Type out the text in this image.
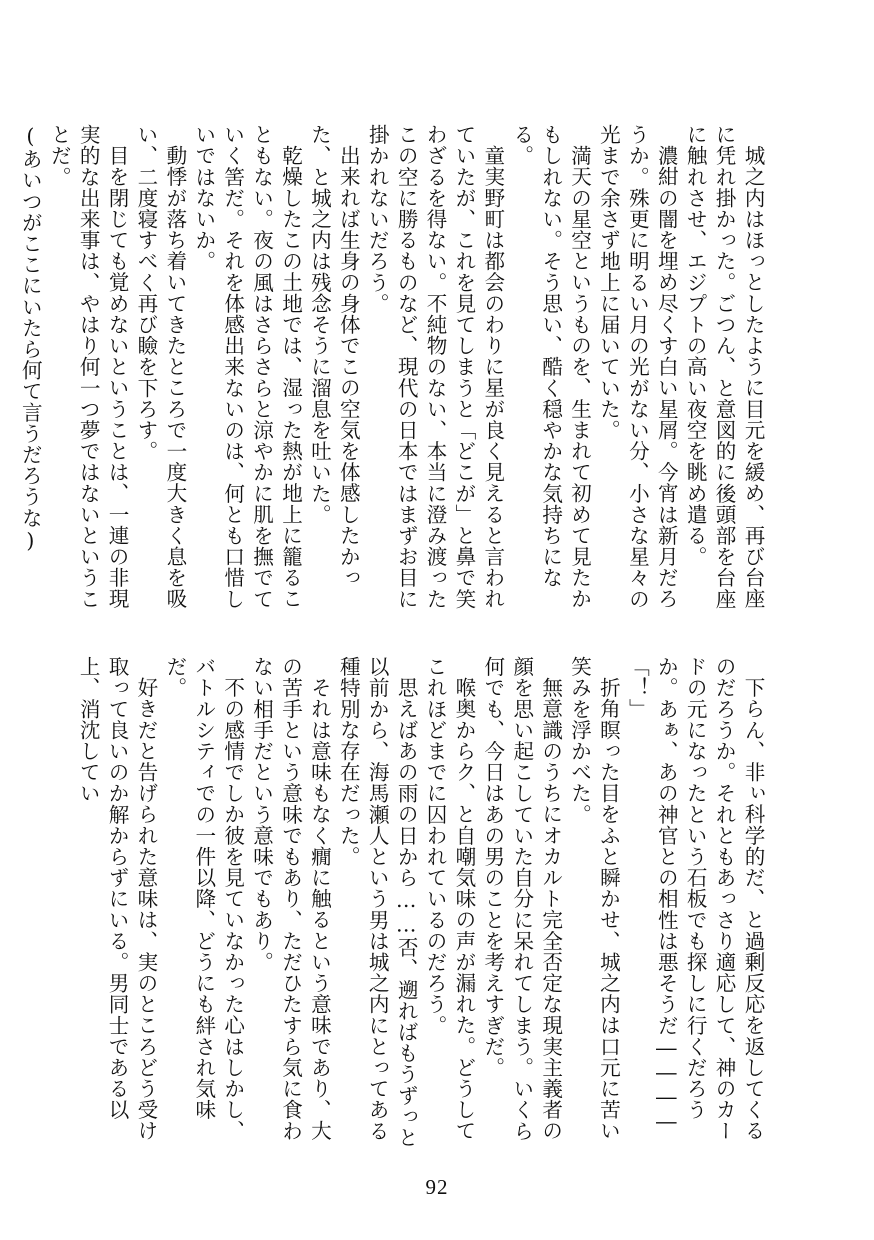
城之内はほっとしたように目元を緩め、再び台座に凭れ掛かった。ごつん、と意図的に後頭部を台座に触れさせ、エジプトの高い夜空を眺め遣る。

濃紺の闇を埋め尽くす白い星屑。今宵は新月だろうか。殊更に明るい月の光がない分、小さな星々の光まで余さず地上に届いていた。

満天の星空というものを、生まれて初めて見たかもしれない。そう思い、酷く穏やかな気持ちになる。

童実野町は都会のわりに星が良く見えると言われていたが、これを見てしまうと「どこが」と鼻で笑わざるを得ない。不純物のない、本当に澄み渡ったこの空に勝るものなど、現代の日本ではまずお目に掛かれないだろう。

出来れば生身の身体でこの空気を体感したかった、と城之内は残念そうに溜息を吐いた。

乾燥したこの土地では、湿った熱が地上に籠ることもない。夜の風はさらさらと涼やかに肌を撫でていく筈だ。それを体感出来ないのは、何とも口惜しいではないか。

動悸が落ち着いてきたところで一度大きく息を吸い、二度寝すべく再び瞼を下ろす。

目を閉じても覚めないということは、一連の非現実的な出来事は、やはり何一つ夢ではないということだ。

(あいつがここにいたら何て言うだろうな)

下らん、非ぃ科学的だ、と過剰反応を返してくるのだろうか。それともあっさり適応して、神のカードの元になったという石板でも探しに行くだろうか。あぁ、あの神官との相性は悪そうだ――――

「！」

折角瞑った目をふと瞬かせ、城之内は口元に苦い笑みを浮かべた。

無意識のうちにオカルト完全否定な現実主義者の顔を思い起こしていた自分に呆れてしまう。いくら何でも、今日はあの男のことを考えすぎだ。

喉奥からク、と自嘲気味の声が漏れた。どうしてこれほどまでに囚われているのだろう。

思えばあの雨の日から……否、遡ればもうずっと以前から、海馬瀬人という男は城之内にとってある種特別な存在だった。

それは意味もなく癇に触るという意味であり、大の苦手という意味でもあり、ただひたすら気に食わない相手だという意味でもあり。

不の感情でしか彼を見ていなかった心はしかし、バトルシティでの一件以降、どうにも絆され気味だ。

好きだと告げられた意味は、実のところどう受け取って良いのか解からずにいる。男同士である以上、消沈してい

92
